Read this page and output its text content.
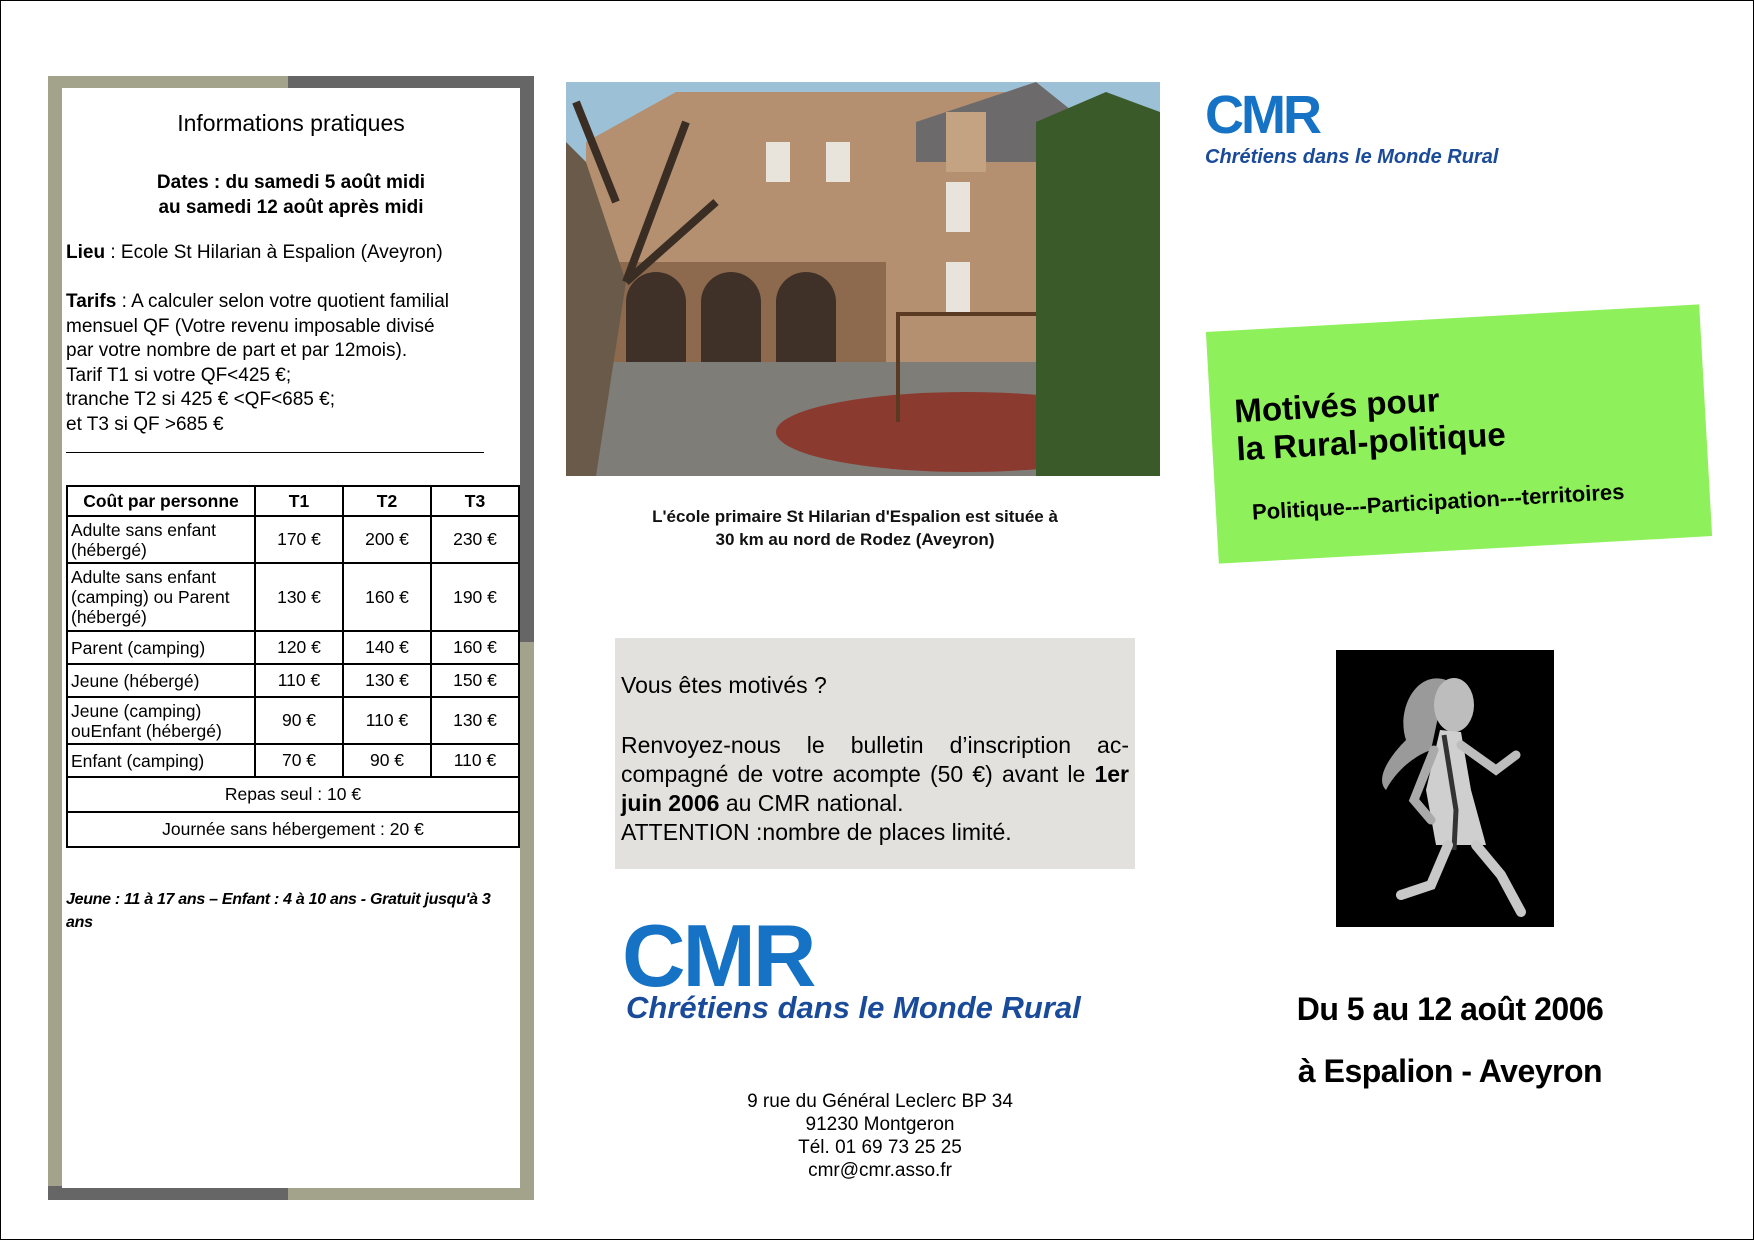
Informations pratiques
Dates : du samedi 5 août midi
au samedi 12 août après midi
Lieu : Ecole St Hilarian à Espalion (Aveyron)
Tarifs : A calculer selon votre quotient familial
mensuel QF (Votre revenu imposable divisé
par votre nombre de part et par 12mois).
Tarif T1 si votre QF<425 €;
tranche T2 si 425 € <QF<685 €;
et T3 si QF >685 €
Coût par personne	T1	T2	T3
Adulte sans enfant (hébergé)	170 €	200 €	230 €
Adulte sans enfant (camping) ou Parent (hébergé)	130 €	160 €	190 €
Parent (camping)	120 €	140 €	160 €
Jeune (hébergé)	110 €	130 €	150 €
Jeune (camping) ouEnfant (hébergé)	90 €	110 €	130 €
Enfant (camping)	70 €	90 €	110 €
Repas seul : 10 €			
Journée sans hébergement : 20 €			
Jeune : 11 à 17 ans – Enfant : 4 à 10 ans - Gratuit jusqu'à 3 ans
L'école primaire St Hilarian d'Espalion est située à
30 km au nord de Rodez (Aveyron)
Vous êtes motivés ?
Renvoyez-nous le bulletin d’inscription ac-compagné de votre acompte (50 €) avant le 1er juin 2006 au CMR national.
ATTENTION :nombre de places limité.
CMR
Chrétiens dans le Monde Rural
9 rue du Général Leclerc BP 34
91230 Montgeron
Tél. 01 69 73 25 25
cmr@cmr.asso.fr
CMR
Chrétiens dans le Monde Rural
Motivés pour
la Rural-politique
Politique---Participation---territoires
Du 5 au 12 août 2006
à Espalion - Aveyron
